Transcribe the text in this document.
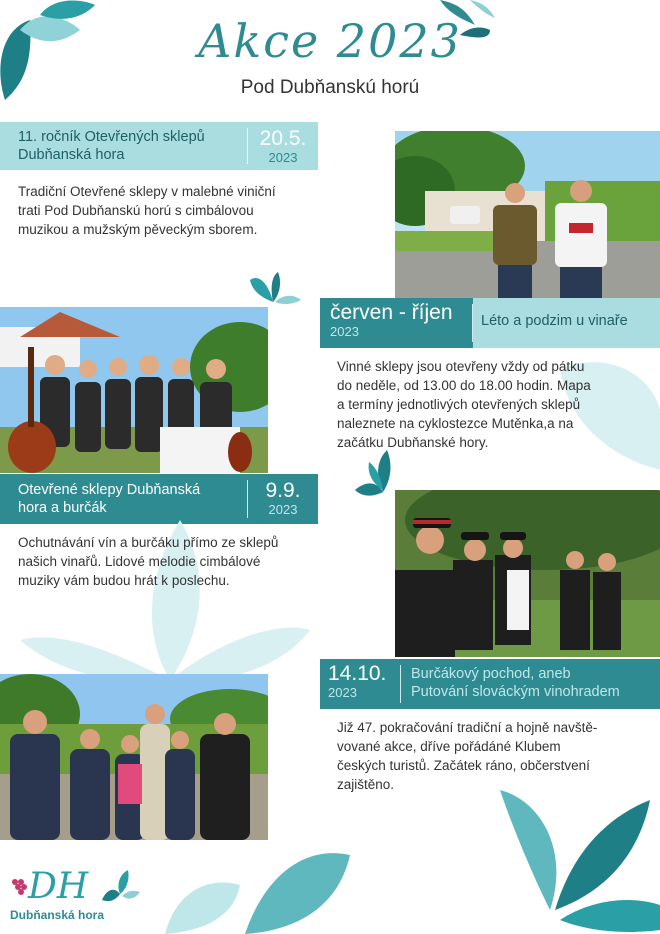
Akce 2023
Pod Dubňanskú horú
11. ročník Otevřených sklepů
Dubňanská hora
20.5.
2023
Tradiční Otevřené sklepy v malebné viniční
trati Pod Dubňanskú horú s cimbálovou
muzikou a mužským pěveckým sborem.
červen - říjen
2023
Léto a podzim u vinaře
Vinné sklepy jsou otevřeny vždy od pátku
do neděle, od 13.00 do 18.00 hodin. Mapa
a termíny jednotlivých otevřených sklepů
naleznete na cyklostezce Mutěnka,a na
začátku Dubňanské hory.
Otevřené sklepy Dubňanská
hora a burčák
9.9.
2023
Ochutnávání vín a burčáku přímo ze sklepů
našich vinařů. Lidové melodie cimbálové
muziky vám budou hrát k poslechu.
14.10.
2023
Burčákový pochod, aneb
Putování slováckým vinohradem
Již 47. pokračování tradiční a hojně navště-
vované akce, dříve pořádáné Klubem
českých turistů. Začátek ráno, občerstvení
zajištěno.
DH
Dubňanská hora
